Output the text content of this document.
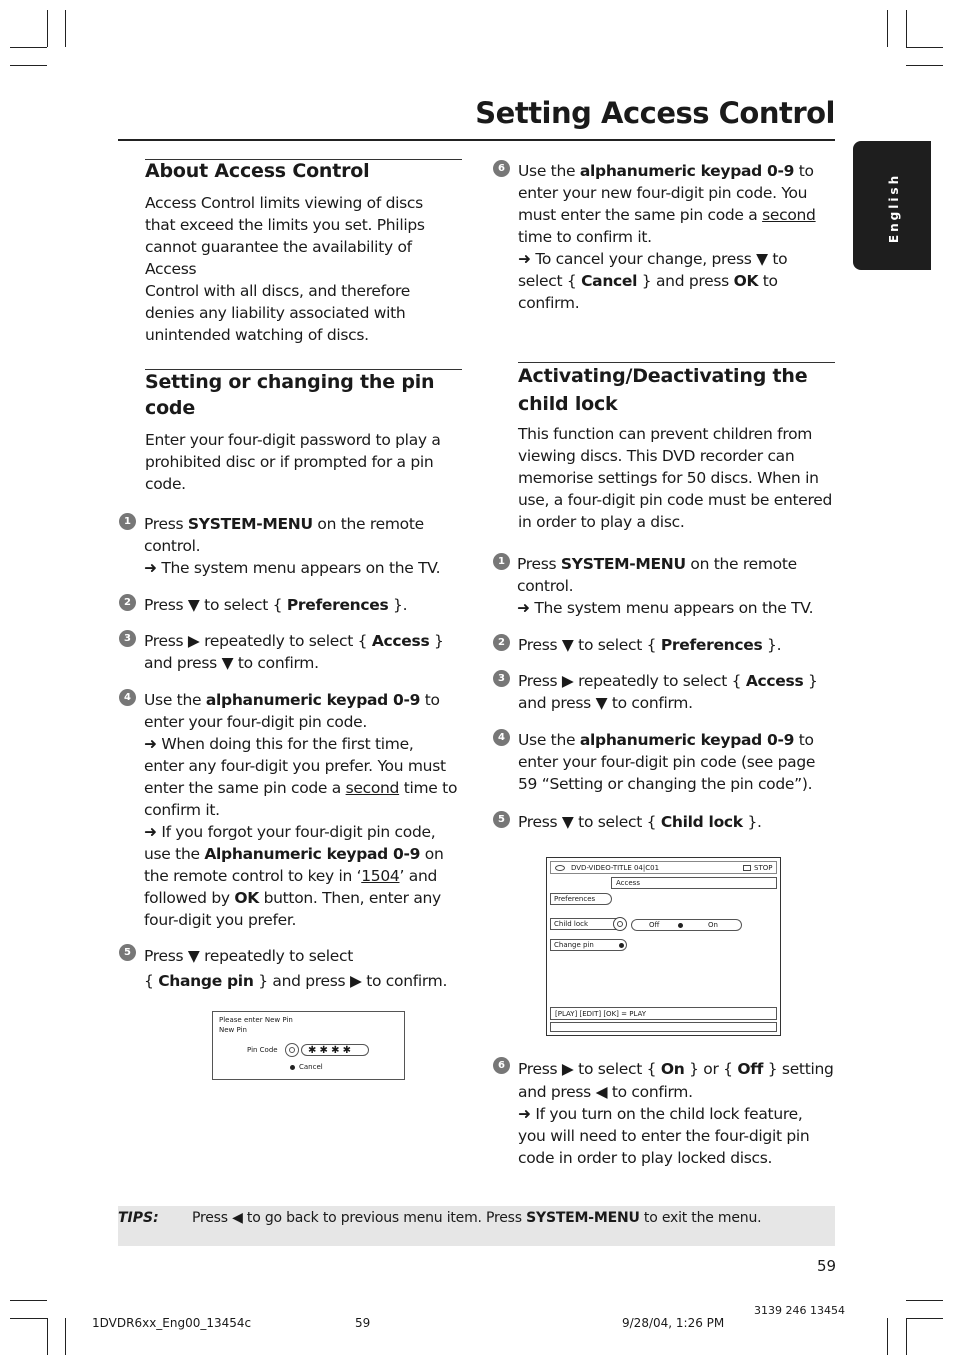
Setting Access Control
English
About Access Control
Access Control limits viewing of discs
that exceed the limits you set. Philips
cannot guarantee the availability of Access
Control with all discs, and therefore
denies any liability associated with
unintended watching of discs.
Setting or changing the pin
code
Enter your four-digit password to play a
prohibited disc or if prompted for a pin
code.
1 Press SYSTEM-MENU on the remote
control.
➜ The system menu appears on the TV.
2 Press ▼ to select { Preferences }.
3 Press ▶ repeatedly to select { Access }
and press ▼ to confirm.
4 Use the alphanumeric keypad 0-9 to
enter your four-digit pin code.
➜ When doing this for the first time,
enter any four-digit you prefer. You must
enter the same pin code a second time to
confirm it.
➜ If you forgot your four-digit pin code,
use the Alphanumeric keypad 0-9 on
the remote control to key in ‘1504’ and
followed by OK button. Then, enter any
four-digit you prefer.
5 Press ▼ repeatedly to select
{ Change pin } and press ▶ to confirm.
Please enter New Pin
New Pin
Pin Code	✱ ✱ ✱ ✱
Cancel
6 Use the alphanumeric keypad 0-9 to
enter your new four-digit pin code. You
must enter the same pin code a second
time to confirm it.
➜ To cancel your change, press ▼ to
select { Cancel } and press OK to
confirm.
Activating/Deactivating the
child lock
This function can prevent children from
viewing discs. This DVD recorder can
memorise settings for 50 discs. When in
use, a four-digit pin code must be entered
in order to play a disc.
1 Press SYSTEM-MENU on the remote
control.
➜ The system menu appears on the TV.
2 Press ▼ to select { Preferences }.
3 Press ▶ repeatedly to select { Access }
and press ▼ to confirm.
4 Use the alphanumeric keypad 0-9 to
enter your four-digit pin code (see page
59 “Setting or changing the pin code”).
5 Press ▼ to select { Child lock }.
DVD-VIDEO-TITLE 04|C01	STOP
Access
Preferences
Child lock	Off	On
Change pin
[PLAY] [EDIT] [OK] = PLAY
6 Press ▶ to select { On } or { Off } setting
and press ◀ to confirm.
➜ If you turn on the child lock feature,
you will need to enter the four-digit pin
code in order to play locked discs.
TIPS: Press ◀ to go back to previous menu item. Press SYSTEM-MENU to exit the menu.
59
3139 246 13454
1DVDR6xx_Eng00_13454c	59	9/28/04, 1:26 PM
